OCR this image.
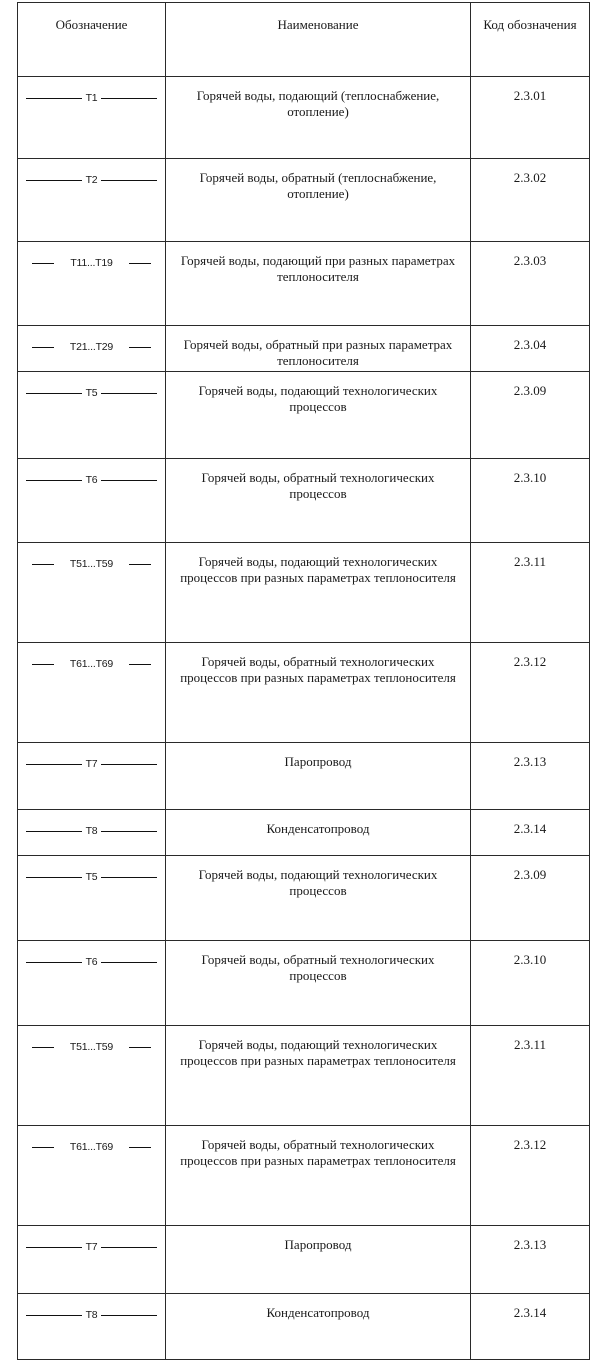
Обозначение	Наименование	Код обозначения

T1	Горячей воды, подающий (теплоснабжение, отопление)	2.3.01

T2	Горячей воды, обратный (теплоснабжение, отопление)	2.3.02

T11...T19	Горячей воды, подающий при разных параметрах теплоносителя	2.3.03

T21...T29	Горячей воды, обратный при разных параметрах теплоносителя	2.3.04

T5	Горячей воды, подающий технологических процессов	2.3.09

T6	Горячей воды, обратный технологических процессов	2.3.10

T51...T59	Горячей воды, подающий технологических процессов при разных параметрах теплоносителя	2.3.11

T61...T69	Горячей воды, обратный технологических процессов при разных параметрах теплоносителя	2.3.12

T7	Паропровод	2.3.13

T8	Конденсатопровод	2.3.14

T5	Горячей воды, подающий технологических процессов	2.3.09

T6	Горячей воды, обратный технологических процессов	2.3.10

T51...T59	Горячей воды, подающий технологических процессов при разных параметрах теплоносителя	2.3.11

T61...T69	Горячей воды, обратный технологических процессов при разных параметрах теплоносителя	2.3.12

T7	Паропровод	2.3.13

T8	Конденсатопровод	2.3.14
